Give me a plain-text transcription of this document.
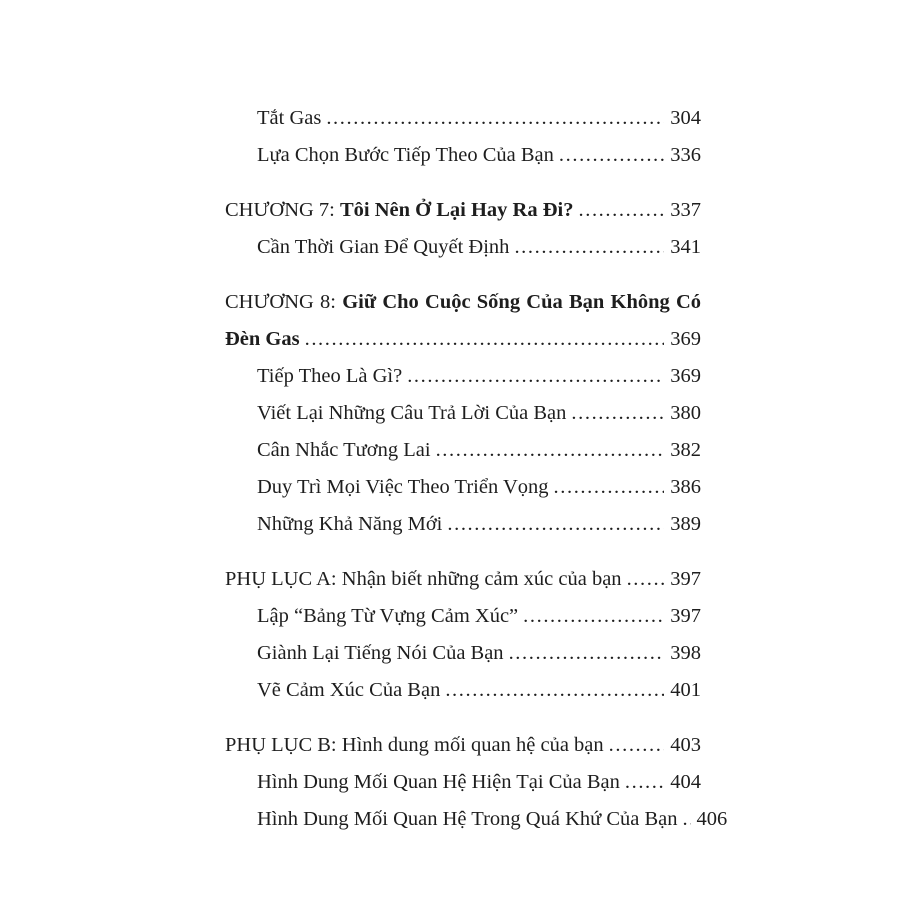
Tắt Gas .....	304
Lựa Chọn Bước Tiếp Theo Của Bạn .....	336
CHƯƠNG 7: Tôi Nên Ở Lại Hay Ra Đi? .....	337
Cần Thời Gian Để Quyết Định .....	341
CHƯƠNG 8: Giữ Cho Cuộc Sống Của Bạn Không Có
Đèn Gas .....	369
Tiếp Theo Là Gì? .....	369
Viết Lại Những Câu Trả Lời Của Bạn .....	380
Cân Nhắc Tương Lai .....	382
Duy Trì Mọi Việc Theo Triển Vọng .....	386
Những Khả Năng Mới .....	389
PHỤ LỤC A: Nhận biết những cảm xúc của bạn ..... 397
Lập “Bảng Từ Vựng Cảm Xúc” .....	397
Giành Lại Tiếng Nói Của Bạn .....	398
Vẽ Cảm Xúc Của Bạn .....	401
PHỤ LỤC B: Hình dung mối quan hệ của bạn .....	403
Hình Dung Mối Quan Hệ Hiện Tại Của Bạn ..... 404
Hình Dung Mối Quan Hệ Trong Quá Khứ Của Bạn ..... 406
